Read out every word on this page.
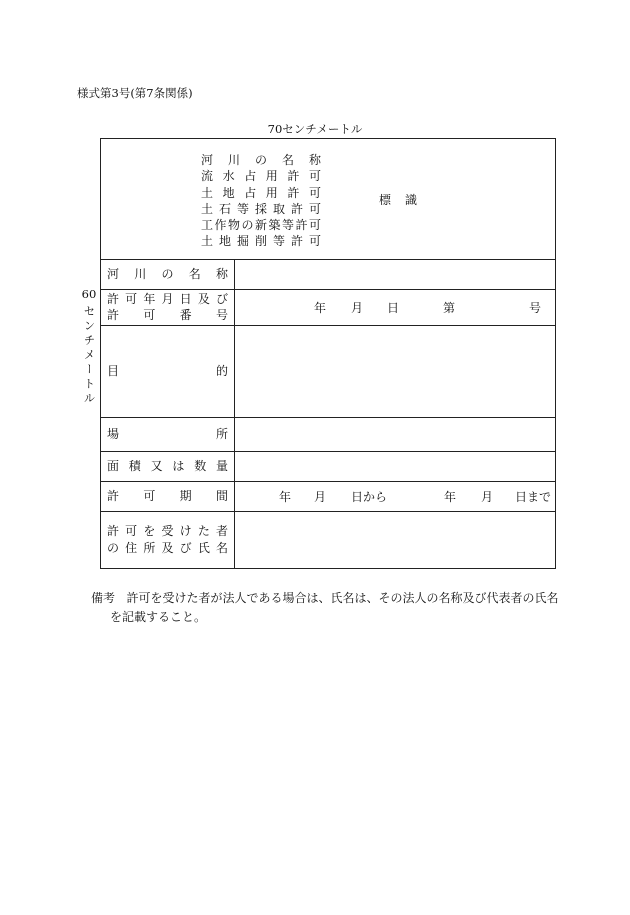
様式第3号(第7条関係)
70センチメートル
60
センチメートル
河川の名称
流水占用許可
土地占用許可
土石等採取許可
工作物の新築等許可
土地掘削等許可
標識
河川の名称
許可年月日及び
許可番号	年 月 日	第	号
目的
場所
面積又は数量
許可期間	年 月 日から	年 月 日まで
許可を受けた者
の住所及び氏名
備考 許可を受けた者が法人である場合は、氏名は、その法人の名称及び代表者の氏名
を記載すること。
